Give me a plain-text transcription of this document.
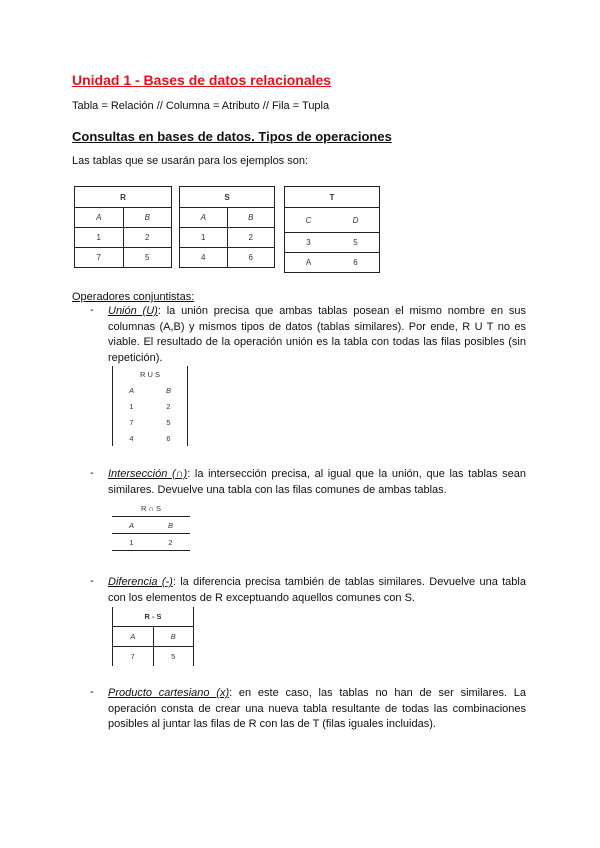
Unidad 1 - Bases de datos relacionales
Tabla = Relación // Columna = Atributo // Fila = Tupla
Consultas en bases de datos. Tipos de operaciones
Las tablas que se usarán para los ejemplos son:
R	
A	B
1	2
7	5
S	
A	B
1	2
4	6
T	
C	D
3	5
A	6
Operadores conjuntistas:
- Unión (U): la unión precisa que ambas tablas posean el mismo nombre en sus columnas (A,B) y mismos tipos de datos (tablas similares). Por ende, R U T no es viable. El resultado de la operación unión es la tabla con todas las filas posibles (sin repetición).
R U S
A	B
1	2
7	5
4	6
- Intersección (∩): la intersección precisa, al igual que la unión, que las tablas sean similares. Devuelve una tabla con las filas comunes de ambas tablas.
R ∩ S
A	B
1	2
- Diferencia (-): la diferencia precisa también de tablas similares. Devuelve una tabla con los elementos de R exceptuando aquellos comunes con S.
R - S
A	B
7	5
- Producto cartesiano (x): en este caso, las tablas no han de ser similares. La operación consta de crear una nueva tabla resultante de todas las combinaciones posibles al juntar las filas de R con las de T (filas iguales incluidas).
